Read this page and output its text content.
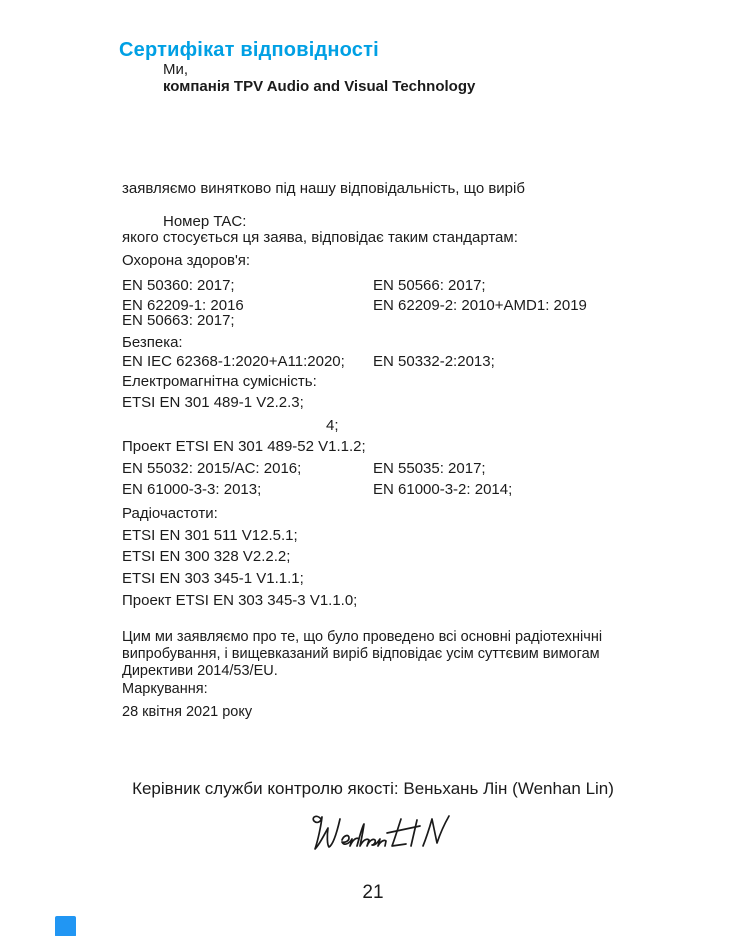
Сертифікат відповідності
Ми,
компанія TPV Audio and Visual Technology
заявляємо винятково під нашу відповідальність, що виріб
Номер TAC:
якого стосується ця заява, відповідає таким стандартам:
Охорона здоров'я:
EN 50360: 2017;	EN 50566: 2017;
EN 62209-1: 2016	EN 62209-2: 2010+AMD1: 2019
EN 50663: 2017;
Безпека:
EN IEC 62368-1:2020+A11:2020; EN 50332-2:2013;
Електромагнітна сумісність:
ETSI EN 301 489-1 V2.2.3;
4;
Проект ETSI EN 301 489-52 V1.1.2;
EN 55032: 2015/AC: 2016;	EN 55035: 2017;
EN 61000-3-3: 2013;	EN 61000-3-2: 2014;
Радіочастоти:
ETSI EN 301 511 V12.5.1;
ETSI EN 300 328 V2.2.2;
ETSI EN 303 345-1 V1.1.1;
Проект ETSI EN 303 345-3 V1.1.0;
Цим ми заявляємо про те, що було проведено всі основні радіотехнічні
випробування, і вищевказаний виріб відповідає усім суттєвим вимогам
Директиви 2014/53/EU.
Маркування:
28 квітня 2021 року
Керівник служби контролю якості: Веньхань Лін (Wenhan Lin)
21
